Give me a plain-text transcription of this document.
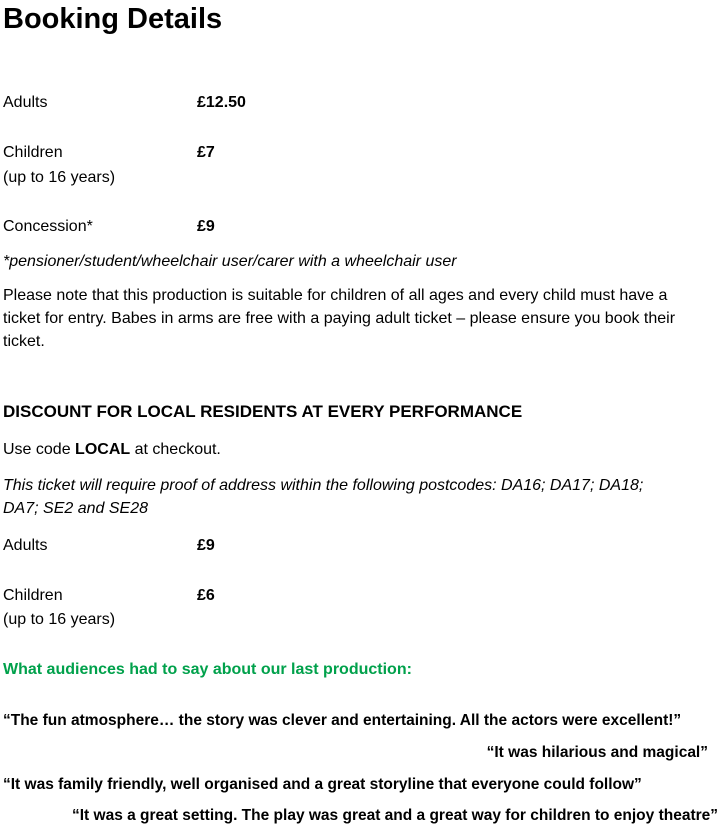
Booking Details
Adults	£12.50
Children	£7
(up to 16 years)
Concession*	£9
*pensioner/student/wheelchair user/carer with a wheelchair user
Please note that this production is suitable for children of all ages and every child must have a
ticket for entry. Babes in arms are free with a paying adult ticket – please ensure you book their
ticket.
DISCOUNT FOR LOCAL RESIDENTS AT EVERY PERFORMANCE
Use code LOCAL at checkout.
This ticket will require proof of address within the following postcodes: DA16; DA17; DA18;
DA7; SE2 and SE28
Adults	£9
Children	£6
(up to 16 years)
What audiences had to say about our last production:
“The fun atmosphere… the story was clever and entertaining. All the actors were excellent!”
“It was hilarious and magical”
“It was family friendly, well organised and a great storyline that everyone could follow”
“It was a great setting. The play was great and a great way for children to enjoy theatre”
